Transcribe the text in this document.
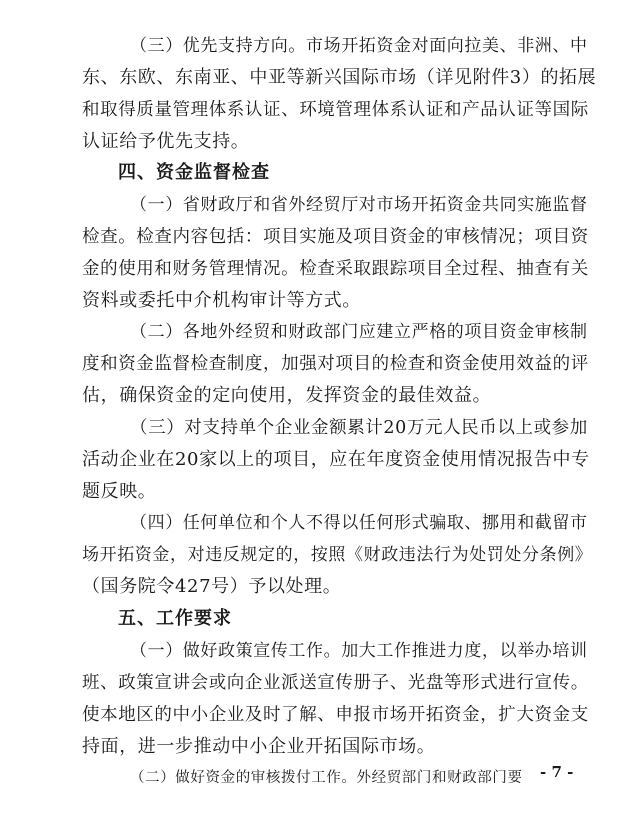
（三）优先支持方向。市场开拓资金对面向拉美、非洲、中
东、东欧、东南亚、中亚等新兴国际市场（详见附件3）的拓展
和取得质量管理体系认证、环境管理体系认证和产品认证等国际
认证给予优先支持。
四、资金监督检查
（一）省财政厅和省外经贸厅对市场开拓资金共同实施监督
检查。检查内容包括：项目实施及项目资金的审核情况；项目资
金的使用和财务管理情况。检查采取跟踪项目全过程、抽查有关
资料或委托中介机构审计等方式。
（二）各地外经贸和财政部门应建立严格的项目资金审核制
度和资金监督检查制度，加强对项目的检查和资金使用效益的评
估，确保资金的定向使用，发挥资金的最佳效益。
（三）对支持单个企业金额累计20万元人民币以上或参加
活动企业在20家以上的项目，应在年度资金使用情况报告中专
题反映。
（四）任何单位和个人不得以任何形式骗取、挪用和截留市
场开拓资金，对违反规定的，按照《财政违法行为处罚处分条例》
（国务院令427号）予以处理。
五、工作要求
（一）做好政策宣传工作。加大工作推进力度，以举办培训
班、政策宣讲会或向企业派送宣传册子、光盘等形式进行宣传。
使本地区的中小企业及时了解、申报市场开拓资金，扩大资金支
持面，进一步推动中小企业开拓国际市场。
（二）做好资金的审核拨付工作。外经贸部门和财政部门要	- 7 -
